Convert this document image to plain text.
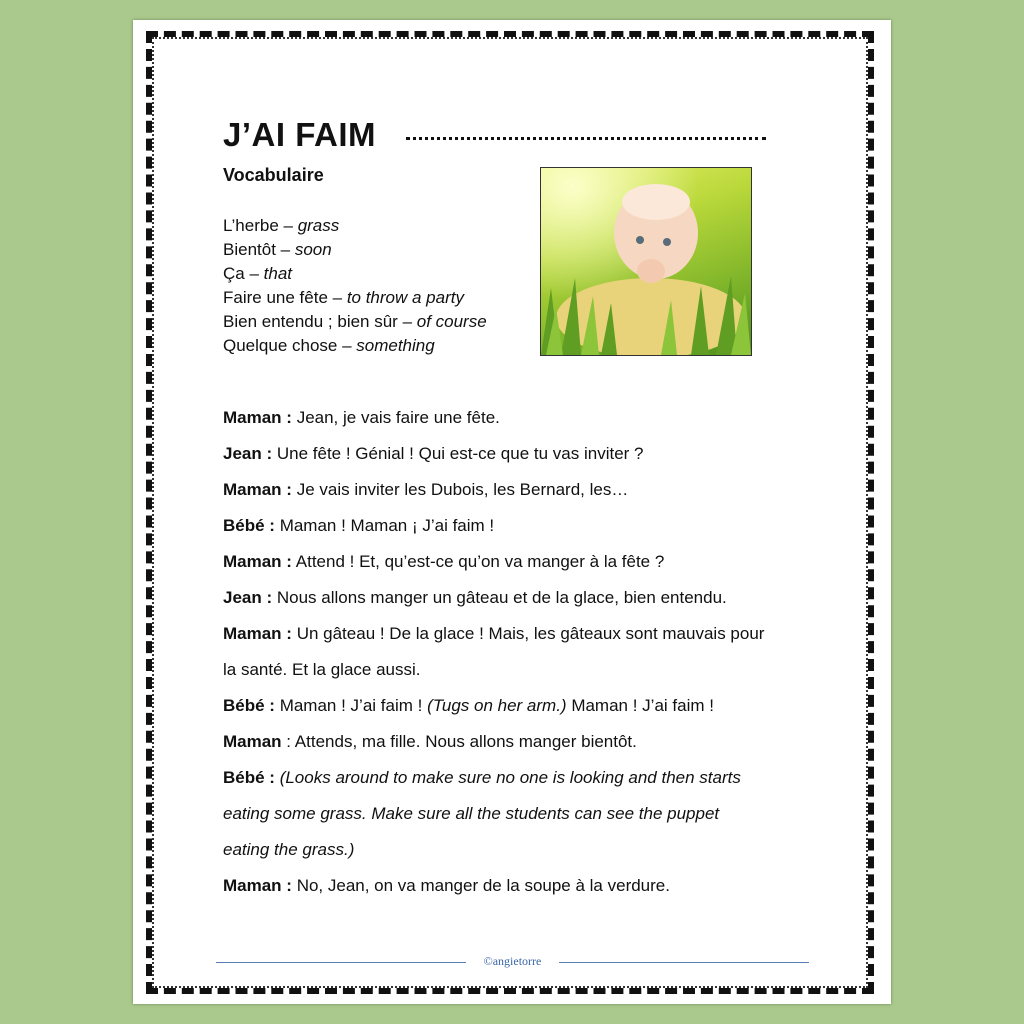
J’AI FAIM
Vocabulaire
L’herbe – grass
Bientôt – soon
Ça – that
Faire une fête – to throw a party
Bien entendu ; bien sûr – of course
Quelque chose – something
Maman : Jean, je vais faire une fête.
Jean : Une fête ! Génial ! Qui est-ce que tu vas inviter ?
Maman : Je vais inviter les Dubois, les Bernard, les…
Bébé : Maman ! Maman ¡ J’ai faim !
Maman : Attend ! Et, qu’est-ce qu’on va manger à la fête ?
Jean : Nous allons manger un gâteau et de la glace, bien entendu.
Maman : Un gâteau ! De la glace ! Mais, les gâteaux sont mauvais pour
la santé. Et la glace aussi.
Bébé : Maman ! J’ai faim ! (Tugs on her arm.) Maman ! J’ai faim !
Maman : Attends, ma fille. Nous allons manger bientôt.
Bébé : (Looks around to make sure no one is looking and then starts
eating some grass. Make sure all the students can see the puppet
eating the grass.)
Maman : No, Jean, on va manger de la soupe à la verdure.
©angietorre
